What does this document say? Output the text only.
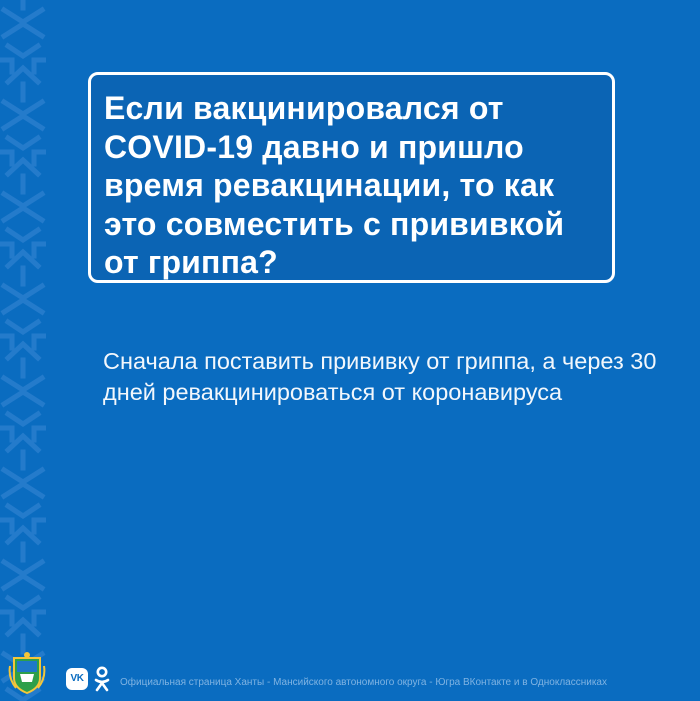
Если вакцинировался от COVID-19 давно и пришло время ревакцинации, то как это совместить с прививкой от гриппа?

Сначала поставить прививку от гриппа, а через 30 дней ревакцинироваться от коронавируса

VK	Официальная страница Ханты - Мансийского автономного округа - Югра ВКонтакте и в Одноклассниках
